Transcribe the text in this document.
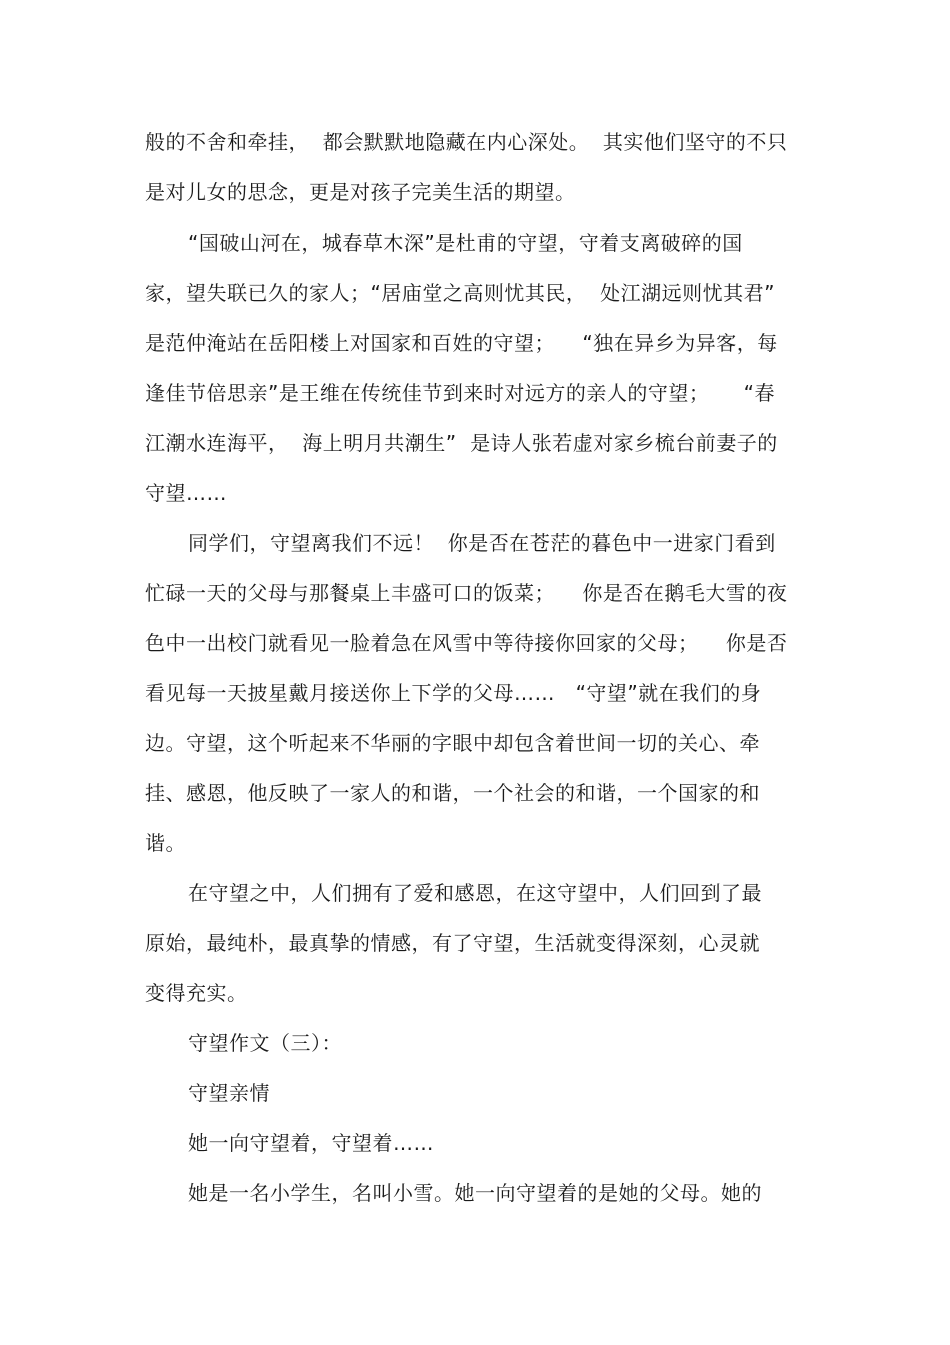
般的不舍和牵挂，  都会默默地隐藏在内心深处。  其实他们坚守的不只

是对儿女的思念，更是对孩子完美生活的期望。

“国破山河在，城春草木深”是杜甫的守望，守着支离破碎的国

家，望失联已久的家人；“居庙堂之高则忧其民，  处江湖远则忧其君”

是范仲淹站在岳阳楼上对国家和百姓的守望；    “独在异乡为异客，每

逢佳节倍思亲”是王维在传统佳节到来时对远方的亲人的守望；     “春

江潮水连海平，  海上明月共潮生”  是诗人张若虚对家乡梳台前妻子的

守望……

同学们，守望离我们不远！  你是否在苍茫的暮色中一进家门看到

忙碌一天的父母与那餐桌上丰盛可口的饭菜；    你是否在鹅毛大雪的夜

色中一出校门就看见一脸着急在风雪中等待接你回家的父母；    你是否

看见每一天披星戴月接送你上下学的父母……   “守望”就在我们的身

边。守望，这个听起来不华丽的字眼中却包含着世间一切的关心、牵

挂、感恩，他反映了一家人的和谐，一个社会的和谐，一个国家的和

谐。

在守望之中，人们拥有了爱和感恩，在这守望中，人们回到了最

原始，最纯朴，最真挚的情感，有了守望，生活就变得深刻，心灵就

变得充实。

守望作文（三）：

守望亲情

她一向守望着，守望着……

她是一名小学生，名叫小雪。她一向守望着的是她的父母。她的
